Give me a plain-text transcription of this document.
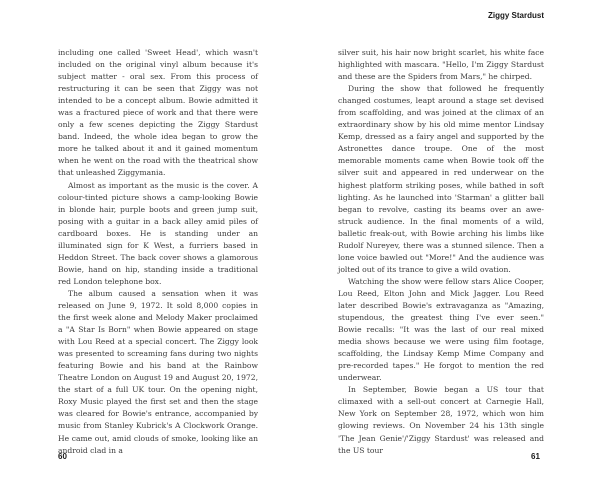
Ziggy Stardust

including one called 'Sweet Head', which wasn't included on the original vinyl album because it's subject matter - oral sex. From this process of restructuring it can be seen that Ziggy was not intended to be a concept album. Bowie admitted it was a fractured piece of work and that there were only a few scenes depicting the Ziggy Stardust band. Indeed, the whole idea began to grow the more he talked about it and it gained momentum when he went on the road with the theatrical show that unleashed Ziggymania.

Almost as important as the music is the cover. A colour-tinted picture shows a camp-looking Bowie in blonde hair, purple boots and green jump suit, posing with a guitar in a back alley amid piles of cardboard boxes. He is standing under an illuminated sign for K West, a furriers based in Heddon Street. The back cover shows a glamorous Bowie, hand on hip, standing inside a traditional red London telephone box.

The album caused a sensation when it was released on June 9, 1972. It sold 8,000 copies in the first week alone and Melody Maker proclaimed a "A Star Is Born" when Bowie appeared on stage with Lou Reed at a special concert. The Ziggy look was presented to screaming fans during two nights featuring Bowie and his band at the Rainbow Theatre London on August 19 and August 20, 1972, the start of a full UK tour. On the opening night, Roxy Music played the first set and then the stage was cleared for Bowie's entrance, accompanied by music from Stanley Kubrick's A Clockwork Orange. He came out, amid clouds of smoke, looking like an android clad in a

silver suit, his hair now bright scarlet, his white face highlighted with mascara. "Hello, I'm Ziggy Stardust and these are the Spiders from Mars," he chirped.

During the show that followed he frequently changed costumes, leapt around a stage set devised from scaffolding, and was joined at the climax of an extraordinary show by his old mime mentor Lindsay Kemp, dressed as a fairy angel and supported by the Astronettes dance troupe. One of the most memorable moments came when Bowie took off the silver suit and appeared in red underwear on the highest platform striking poses, while bathed in soft lighting. As he launched into 'Starman' a glitter ball began to revolve, casting its beams over an awe-struck audience. In the final moments of a wild, balletic freak-out, with Bowie arching his limbs like Rudolf Nureyev, there was a stunned silence. Then a lone voice bawled out "More!" And the audience was jolted out of its trance to give a wild ovation.

Watching the show were fellow stars Alice Cooper, Lou Reed, Elton John and Mick Jagger. Lou Reed later described Bowie's extravaganza as "Amazing, stupendous, the greatest thing I've ever seen." Bowie recalls: "It was the last of our real mixed media shows because we were using film footage, scaffolding, the Lindsay Kemp Mime Company and pre-recorded tapes." He forgot to mention the red underwear.

In September, Bowie began a US tour that climaxed with a sell-out concert at Carnegie Hall, New York on September 28, 1972, which won him glowing reviews. On November 24 his 13th single 'The Jean Genie'/'Ziggy Stardust' was released and the US tour

60	61
